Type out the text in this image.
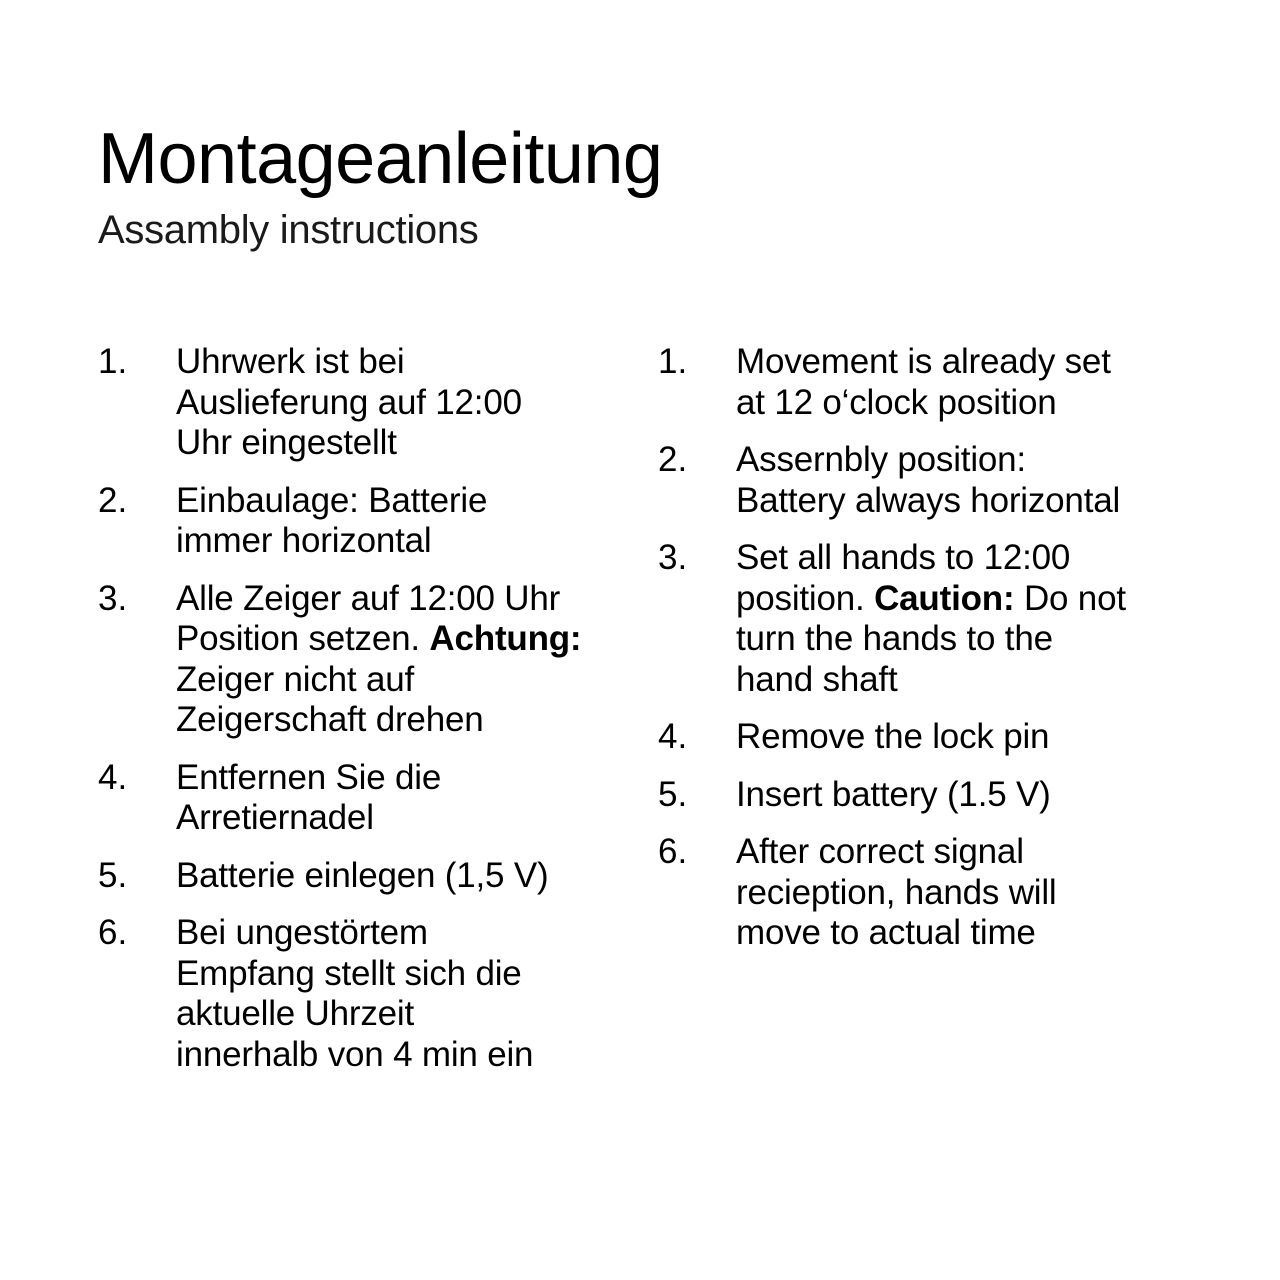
Montageanleitung
Assambly instructions
1.	Uhrwerk ist bei
Auslieferung auf 12:00
Uhr eingestellt
2.	Einbaulage: Batterie
immer horizontal
3.	Alle Zeiger auf 12:00 Uhr
Position setzen. Achtung:
Zeiger nicht auf
Zeigerschaft drehen
4.	Entfernen Sie die
Arretiernadel
5.	Batterie einlegen (1,5 V)
6.	Bei ungestörtem
Empfang stellt sich die
aktuelle Uhrzeit
innerhalb von 4 min ein
1.	Movement is already set
at 12 o‘clock position
2.	Assernbly position:
Battery always horizontal
3.	Set all hands to 12:00
position. Caution: Do not
turn the hands to the
hand shaft
4.	Remove the lock pin
5.	Insert battery (1.5 V)
6.	After correct signal
recieption, hands will
move to actual time
